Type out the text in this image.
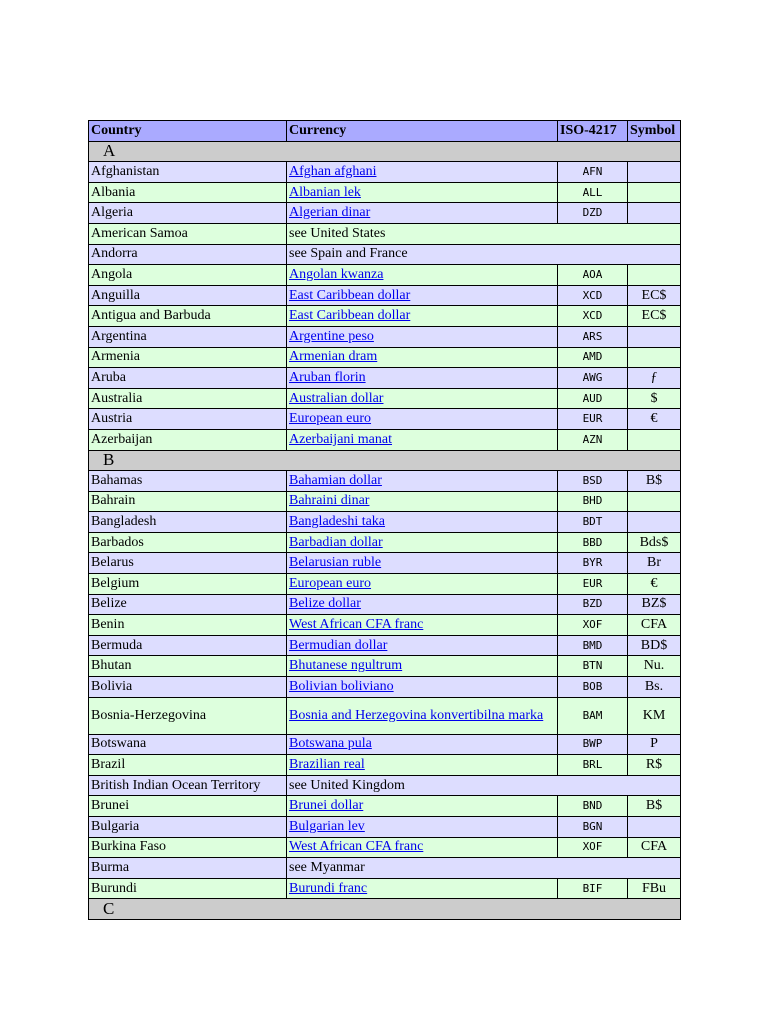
Country	Currency	ISO-4217	Symbol
A			
Afghanistan	Afghan afghani	AFN	
Albania	Albanian lek	ALL	
Algeria	Algerian dinar	DZD	
American Samoa	see United States		
Andorra	see Spain and France		
Angola	Angolan kwanza	AOA	
Anguilla	East Caribbean dollar	XCD	EC$
Antigua and Barbuda	East Caribbean dollar	XCD	EC$
Argentina	Argentine peso	ARS	
Armenia	Armenian dram	AMD	
Aruba	Aruban florin	AWG	ƒ
Australia	Australian dollar	AUD	$
Austria	European euro	EUR	€
Azerbaijan	Azerbaijani manat	AZN	
B			
Bahamas	Bahamian dollar	BSD	B$
Bahrain	Bahraini dinar	BHD	
Bangladesh	Bangladeshi taka	BDT	
Barbados	Barbadian dollar	BBD	Bds$
Belarus	Belarusian ruble	BYR	Br
Belgium	European euro	EUR	€
Belize	Belize dollar	BZD	BZ$
Benin	West African CFA franc	XOF	CFA
Bermuda	Bermudian dollar	BMD	BD$
Bhutan	Bhutanese ngultrum	BTN	Nu.
Bolivia	Bolivian boliviano	BOB	Bs.
Bosnia-Herzegovina	Bosnia and Herzegovina konvertibilna marka	BAM	KM
Botswana	Botswana pula	BWP	P
Brazil	Brazilian real	BRL	R$
British Indian Ocean Territory	see United Kingdom		
Brunei	Brunei dollar	BND	B$
Bulgaria	Bulgarian lev	BGN	
Burkina Faso	West African CFA franc	XOF	CFA
Burma	see Myanmar		
Burundi	Burundi franc	BIF	FBu
C			
